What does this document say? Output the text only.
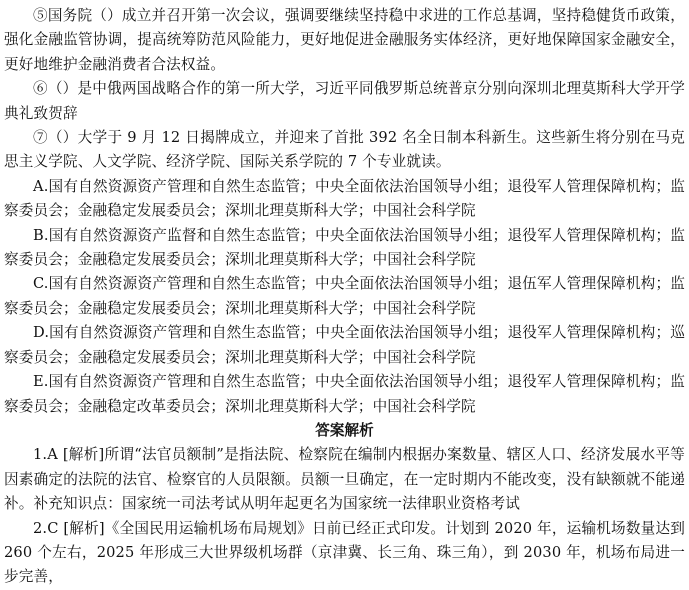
⑤国务院（）成立并召开第一次会议，强调要继续坚持稳中求进的工作总基调，坚持稳健货币政策，强化金融监管协调，提高统筹防范风险能力，更好地促进金融服务实体经济，更好地保障国家金融安全，更好地维护金融消费者合法权益。

⑥（）是中俄两国战略合作的第一所大学，习近平同俄罗斯总统普京分别向深圳北理莫斯科大学开学典礼致贺辞

⑦（）大学于 9 月 12 日揭牌成立，并迎来了首批 392 名全日制本科新生。这些新生将分别在马克思主义学院、人文学院、经济学院、国际关系学院的 7 个专业就读。

A.国有自然资源资产管理和自然生态监管；中央全面依法治国领导小组；退役军人管理保障机构；监察委员会；金融稳定发展委员会；深圳北理莫斯科大学；中国社会科学院

B.国有自然资源资产监督和自然生态监管；中央全面依法治国领导小组；退役军人管理保障机构；监察委员会；金融稳定发展委员会；深圳北理莫斯科大学；中国社会科学院

C.国有自然资源资产管理和自然生态监管；中央全面依法治国领导小组；退伍军人管理保障机构；监察委员会；金融稳定发展委员会；深圳北理莫斯科大学；中国社会科学院

D.国有自然资源资产管理和自然生态监管；中央全面依法治国领导小组；退役军人管理保障机构；巡察委员会；金融稳定发展委员会；深圳北理莫斯科大学；中国社会科学院

E.国有自然资源资产管理和自然生态监管；中央全面依法治国领导小组；退役军人管理保障机构；监察委员会；金融稳定改革委员会；深圳北理莫斯科大学；中国社会科学院

答案解析

1.A [解析]所谓“法官员额制”是指法院、检察院在编制内根据办案数量、辖区人口、经济发展水平等因素确定的法院的法官、检察官的人员限额。员额一旦确定，在一定时期内不能改变，没有缺额就不能递补。补充知识点：国家统一司法考试从明年起更名为国家统一法律职业资格考试

2.C [解析]《全国民用运输机场布局规划》日前已经正式印发。计划到 2020 年，运输机场数量达到 260 个左右，2025 年形成三大世界级机场群（京津冀、长三角、珠三角），到 2030 年，机场布局进一步完善，
